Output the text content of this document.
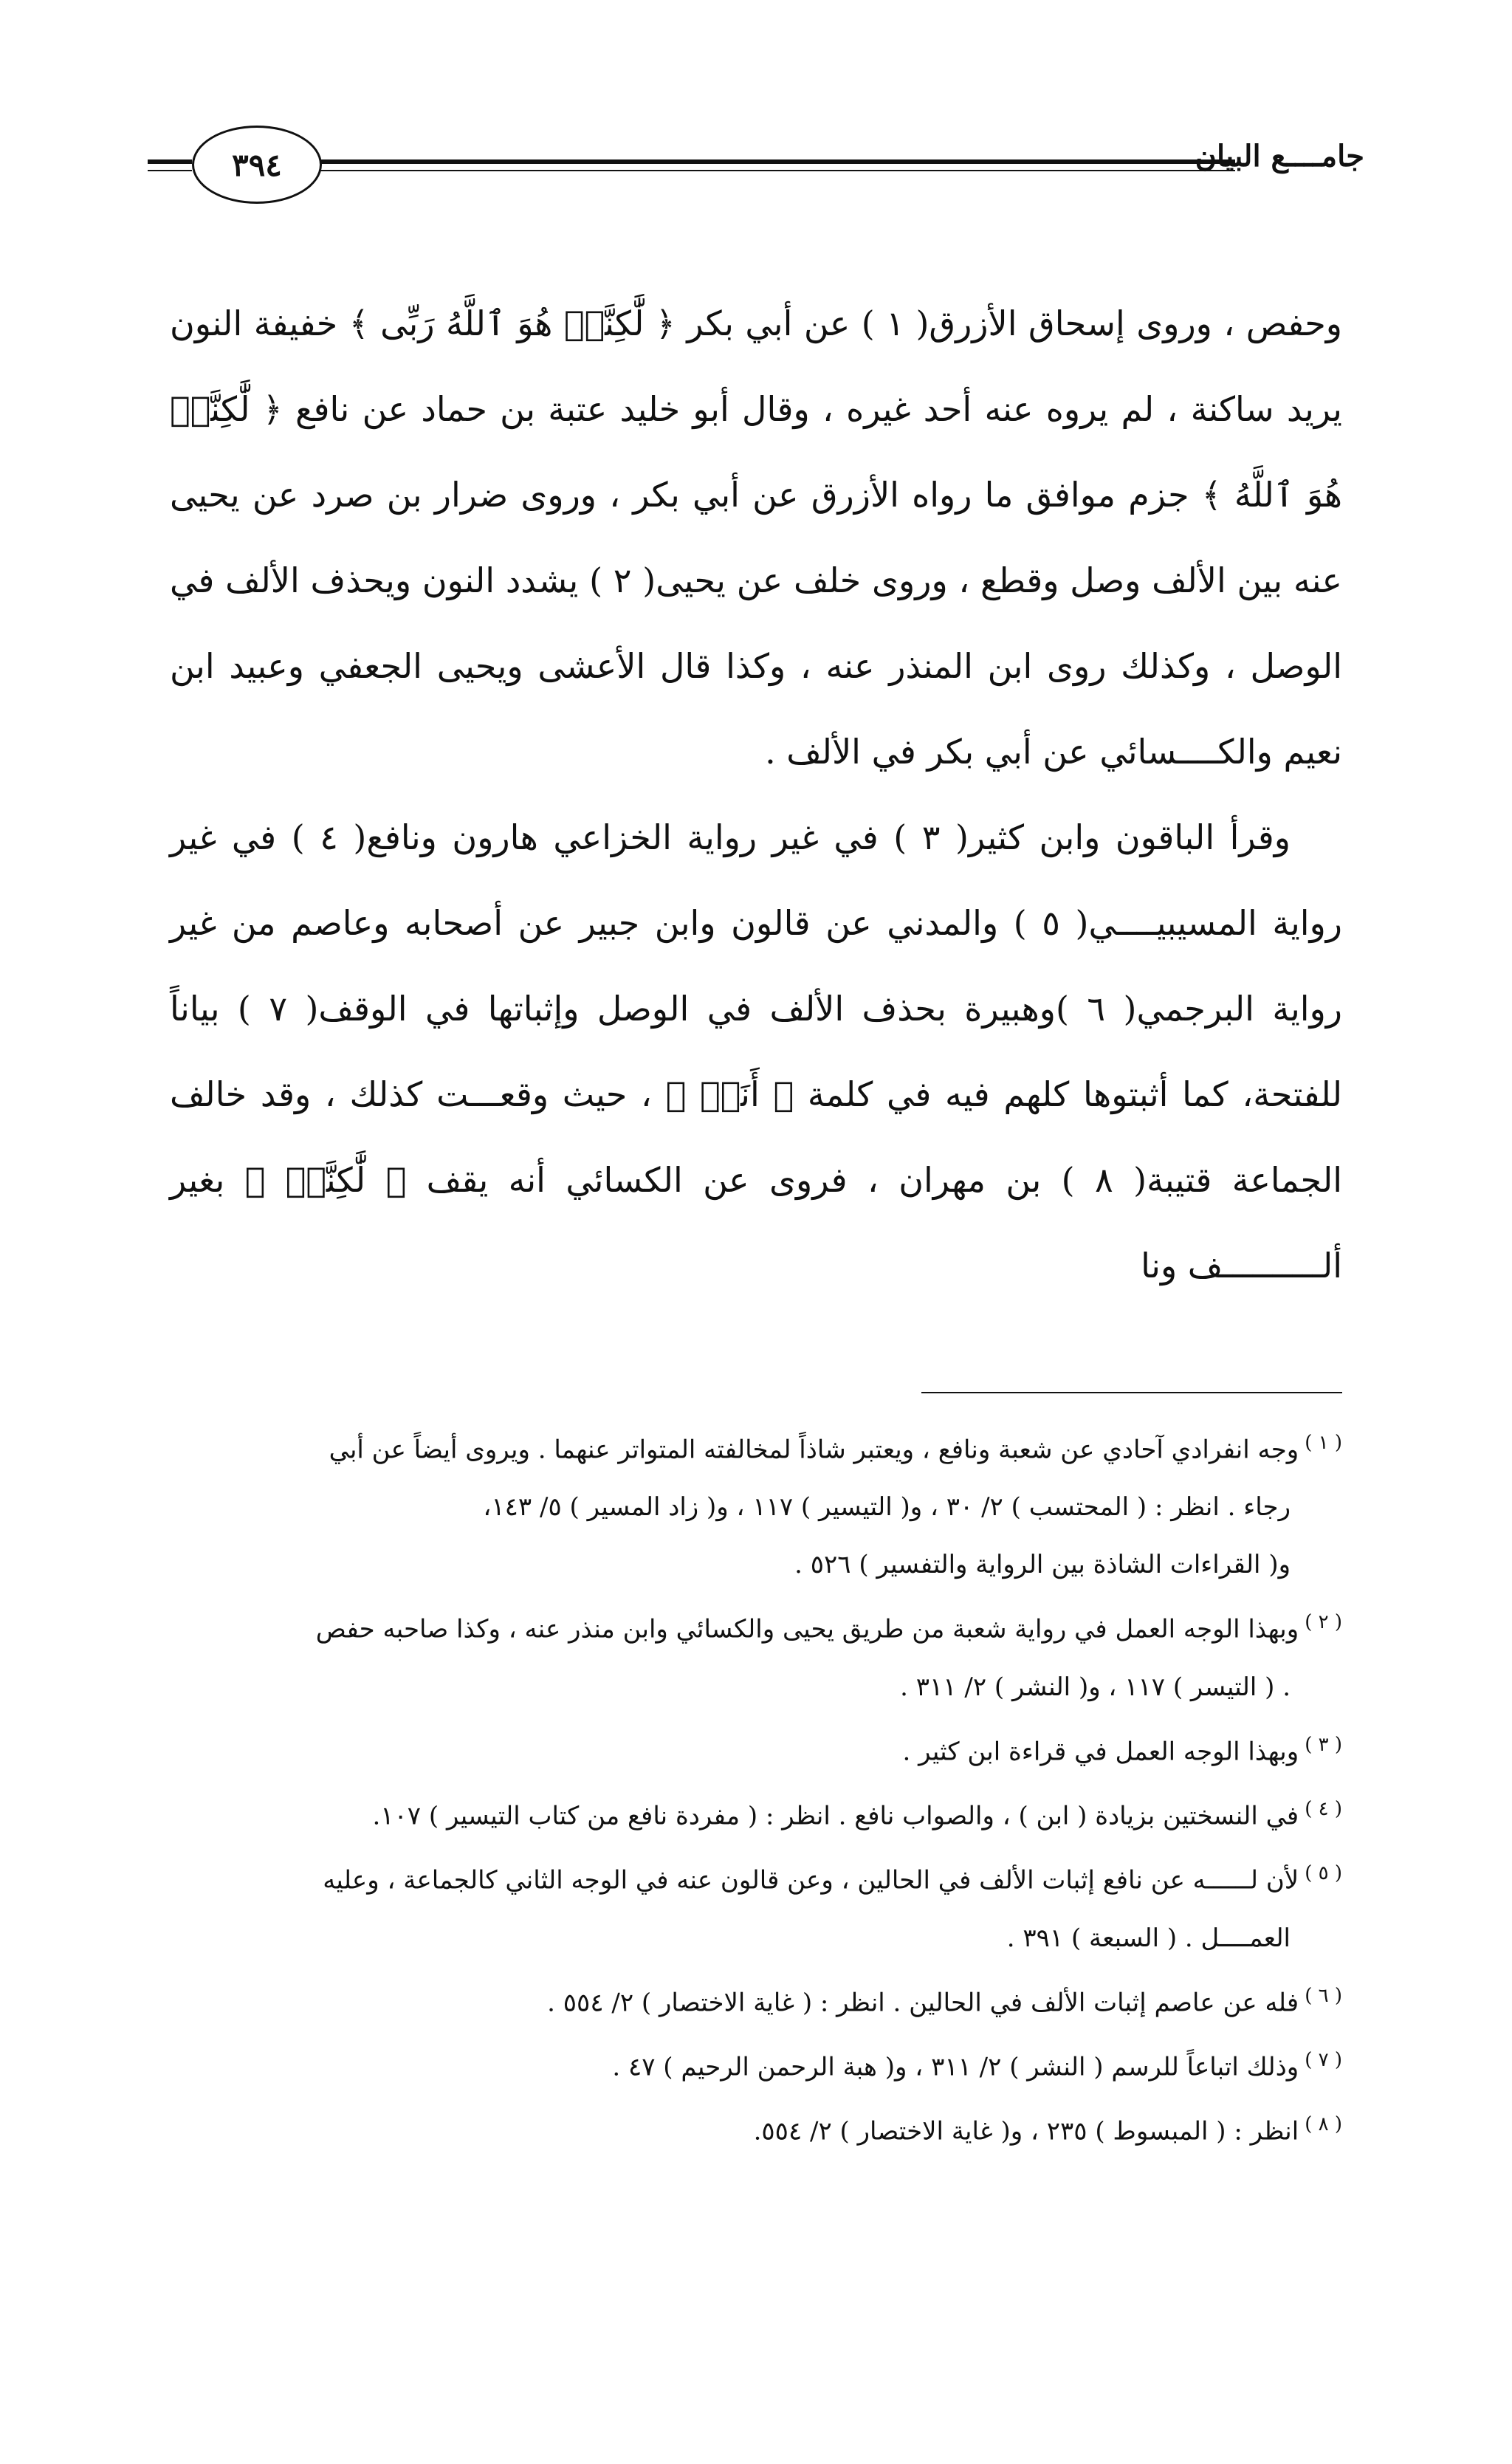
جامــــع البيان
٣٩٤

وحفص ، وروى إسحاق الأزرق( ١ ) عن أبي بكر ﴿ لَّٰكِنَّا۠ هُوَ ٱللَّهُ رَبِّى ﴾ خفيفة النون يريد ساكنة ، لم يروه عنه أحد غيره ، وقال أبو خليد عتبة بن حماد عن نافع ﴿ لَّٰكِنَّا۠ هُوَ ٱللَّهُ ﴾ جزم موافق ما رواه الأزرق عن أبي بكر ، وروى ضرار بن صرد عن يحيى عنه بين الألف وصل وقطع ، وروى خلف عن يحيى( ٢ ) يشدد النون ويحذف الألف في الوصل ، وكذلك روى ابن المنذر عنه ، وكذا قال الأعشى ويحيى الجعفي وعبيد ابن نعيم والكــــسائي عن أبي بكر في الألف .

وقرأ الباقون وابن كثير( ٣ ) في غير رواية الخزاعي هارون ونافع( ٤ ) في غير رواية المسيبيــــي( ٥ ) والمدني عن قالون وابن جبير عن أصحابه وعاصم من غير رواية البرجمي( ٦ )وهبيرة بحذف الألف في الوصل وإثباتها في الوقف( ٧ ) بياناً للفتحة، كما أثبتوها كلهم فيه في كلمة ﴿ أَنَا۠ ﴾ ، حيث وقعـــت كذلك ، وقد خالف الجماعة قتيبة( ٨ ) بن مهران ، فروى عن الكسائي أنه يقف ﴿ لَّٰكِنَّا۠ ﴾ بغير ألــــــــــف ونا

$^{( ١ )}$وجه انفرادي آحادي عن شعبة ونافع ، ويعتبر شاذاً لمخالفته المتواتر عنهما . ويروى أيضاً عن أبي

رجاء . انظر : ( المحتسب ) ٢/ ٣٠ ، و( التيسير ) ١١٧ ، و( زاد المسير ) ٥/ ١٤٣،

و( القراءات الشاذة بين الرواية والتفسير ) ٥٢٦ .

$^{( ٢ )}$وبهذا الوجه العمل في رواية شعبة من طريق يحيى والكسائي وابن منذر عنه ، وكذا صاحبه حفص

. ( التيسر ) ١١٧ ، و( النشر ) ٢/ ٣١١ .

$^{( ٣ )}$وبهذا الوجه العمل في قراءة ابن كثير .

$^{( ٤ )}$في النسختين بزيادة ( ابن ) ، والصواب نافع . انظر : ( مفردة نافع من كتاب التيسير ) ١٠٧.

$^{( ٥ )}$لأن لــــــه عن نافع إثبات الألف في الحالين ، وعن قالون عنه في الوجه الثاني كالجماعة ، وعليه

العمــــل . ( السبعة ) ٣٩١ .

$^{( ٦ )}$فله عن عاصم إثبات الألف في الحالين . انظر : ( غاية الاختصار ) ٢/ ٥٥٤ .

$^{( ٧ )}$وذلك اتباعاً للرسم ( النشر ) ٢/ ٣١١ ، و( هبة الرحمن الرحيم ) ٤٧ .

$^{( ٨ )}$انظر : ( المبسوط ) ٢٣٥ ، و( غاية الاختصار ) ٢/ ٥٥٤.
